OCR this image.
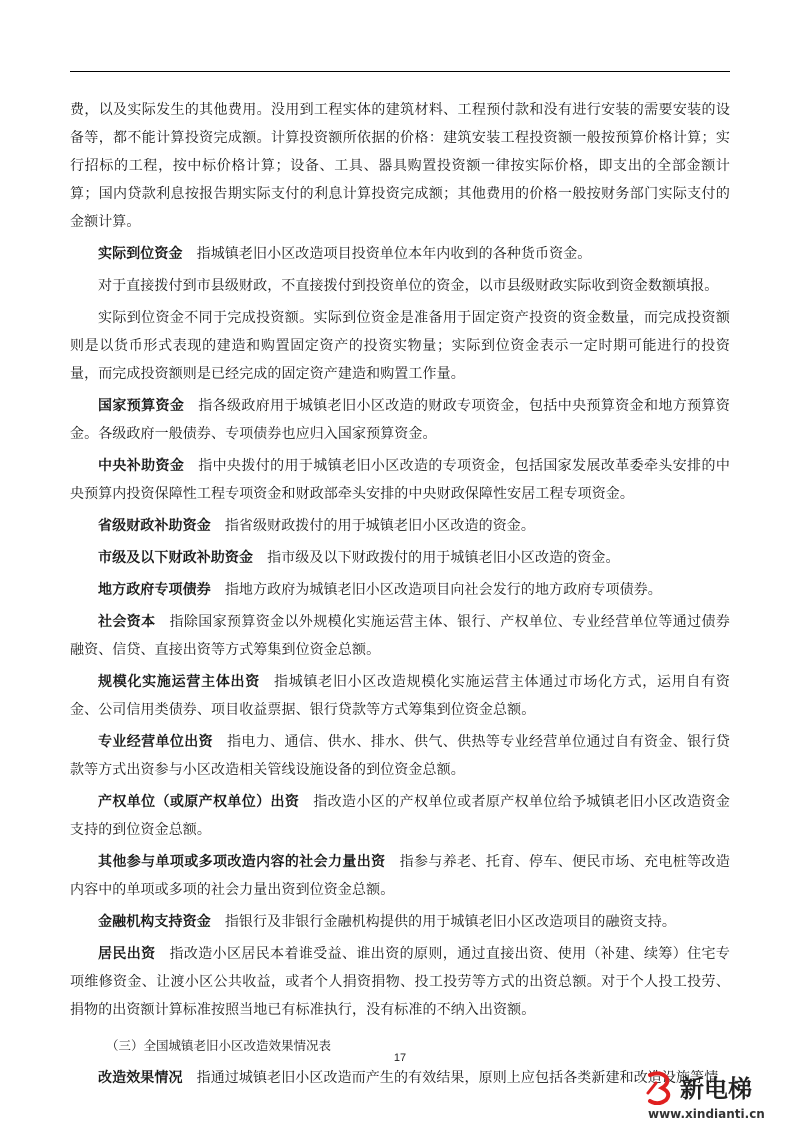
费，以及实际发生的其他费用。没用到工程实体的建筑材料、工程预付款和没有进行安装的需要安装的设备等，都不能计算投资完成额。计算投资额所依据的价格：建筑安装工程投资额一般按预算价格计算；实行招标的工程，按中标价格计算；设备、工具、器具购置投资额一律按实际价格，即支出的全部金额计算；国内贷款利息按报告期实际支付的利息计算投资完成额；其他费用的价格一般按财务部门实际支付的金额计算。

实际到位资金 指城镇老旧小区改造项目投资单位本年内收到的各种货币资金。

对于直接拨付到市县级财政，不直接拨付到投资单位的资金，以市县级财政实际收到资金数额填报。

实际到位资金不同于完成投资额。实际到位资金是准备用于固定资产投资的资金数量，而完成投资额则是以货币形式表现的建造和购置固定资产的投资实物量；实际到位资金表示一定时期可能进行的投资量，而完成投资额则是已经完成的固定资产建造和购置工作量。

国家预算资金 指各级政府用于城镇老旧小区改造的财政专项资金，包括中央预算资金和地方预算资金。各级政府一般债券、专项债券也应归入国家预算资金。

中央补助资金 指中央拨付的用于城镇老旧小区改造的专项资金，包括国家发展改革委牵头安排的中央预算内投资保障性工程专项资金和财政部牵头安排的中央财政保障性安居工程专项资金。

省级财政补助资金 指省级财政拨付的用于城镇老旧小区改造的资金。

市级及以下财政补助资金 指市级及以下财政拨付的用于城镇老旧小区改造的资金。

地方政府专项债券 指地方政府为城镇老旧小区改造项目向社会发行的地方政府专项债券。

社会资本 指除国家预算资金以外规模化实施运营主体、银行、产权单位、专业经营单位等通过债券融资、信贷、直接出资等方式筹集到位资金总额。

规模化实施运营主体出资 指城镇老旧小区改造规模化实施运营主体通过市场化方式，运用自有资金、公司信用类债券、项目收益票据、银行贷款等方式筹集到位资金总额。

专业经营单位出资 指电力、通信、供水、排水、供气、供热等专业经营单位通过自有资金、银行贷款等方式出资参与小区改造相关管线设施设备的到位资金总额。

产权单位（或原产权单位）出资 指改造小区的产权单位或者原产权单位给予城镇老旧小区改造资金支持的到位资金总额。

其他参与单项或多项改造内容的社会力量出资 指参与养老、托育、停车、便民市场、充电桩等改造内容中的单项或多项的社会力量出资到位资金总额。

金融机构支持资金 指银行及非银行金融机构提供的用于城镇老旧小区改造项目的融资支持。

居民出资 指改造小区居民本着谁受益、谁出资的原则，通过直接出资、使用（补建、续筹）住宅专项维修资金、让渡小区公共收益，或者个人捐资捐物、投工投劳等方式的出资总额。对于个人投工投劳、捐物的出资额计算标准按照当地已有标准执行，没有标准的不纳入出资额。

（三）全国城镇老旧小区改造效果情况表

改造效果情况 指通过城镇老旧小区改造而产生的有效结果，原则上应包括各类新建和改造设施等情

17
新电梯
www.xindianti.cn
